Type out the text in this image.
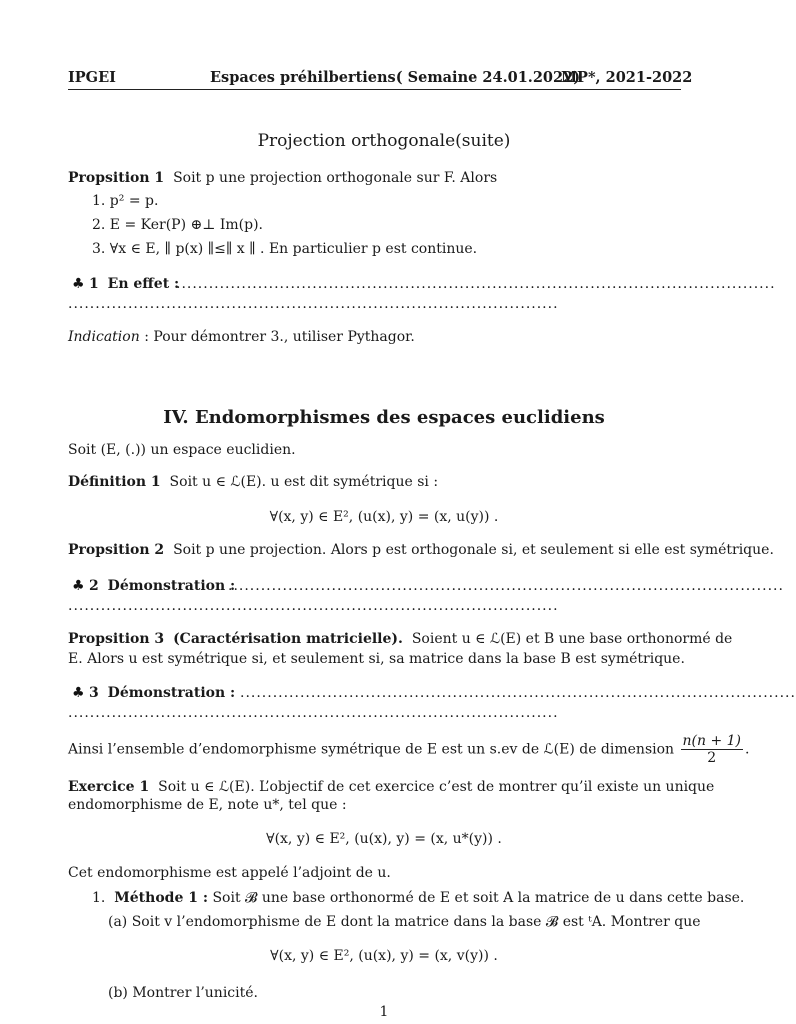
IPGEI	Espaces préhilbertiens( Semaine 24.01.2022)
MP*, 2021-2022
Projection orthogonale(suite)
Propsition 1 Soit p une projection orthogonale sur F. Alors
1. p² = p.
2. E = Ker(P) ⊕⊥ Im(p).
3. ∀x ∈ E, ∥ p(x) ∥≤∥ x ∥ . En particulier p est continue.
♣ 1 En effet :
..............................................................................................................
..........................................................................................
Indication : Pour démontrer 3., utiliser Pythagor.
IV. Endomorphismes des espaces euclidiens
Soit (E, (.)) un espace euclidien.
Définition 1 Soit u ∈ ℒ(E). u est dit symétrique si :
∀(x, y) ∈ E², (u(x), y) = (x, u(y)) .
Propsition 2 Soit p une projection. Alors p est orthogonale si, et seulement si elle est symétrique.
♣ 2 Démonstration :
......................................................................................................
..........................................................................................
Propsition 3 (Caractérisation matricielle). Soient u ∈ ℒ(E) et B une base orthonormé de
E. Alors u est symétrique si, et seulement si, sa matrice dans la base B est symétrique.
♣ 3 Démonstration : ......................................................................................................
..........................................................................................
Ainsi l’ensemble d’endomorphisme symétrique de E est un s.ev de ℒ(E) de dimension $\frac{n(n + 1)}{2}$ .
Exercice 1 Soit u ∈ ℒ(E). L’objectif de cet exercice c’est de montrer qu’il existe un unique
endomorphisme de E, note u*, tel que :
∀(x, y) ∈ E², (u(x), y) = (x, u*(y)) .
Cet endomorphisme est appelé l’adjoint de u.
1.  Méthode 1 : Soit 𝓑 une base orthonormé de E et soit A la matrice de u dans cette base.
(a) Soit v l’endomorphisme de E dont la matrice dans la base 𝓑 est ᵗA. Montrer que
∀(x, y) ∈ E², (u(x), y) = (x, v(y)) .
(b) Montrer l’unicité.
1
